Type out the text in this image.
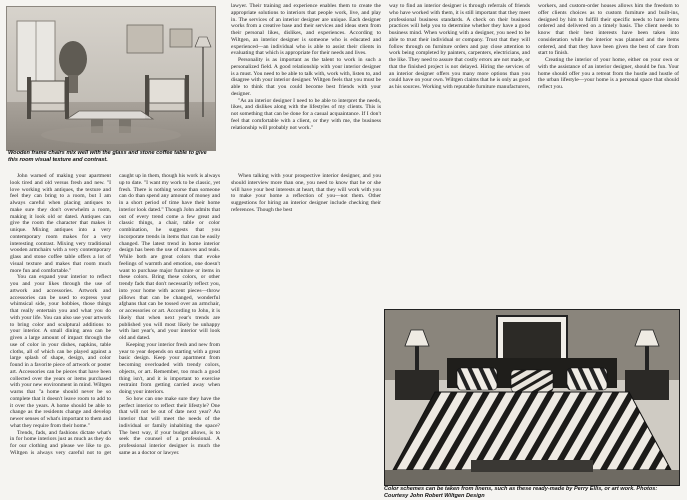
Wooden frame chairs mix well with the glass and stone coffee table to give this room visual texture and contrast.

John warned of making your apartment look tired and old versus fresh and new. "I love working with antiques, the texture and feel they can bring to a room, but I am always careful when placing antiques to make sure they don't overwhelm a room, making it look old or dated. Antiques can give the room the character that makes it unique. Mixing antiques into a very contemporary room makes for a very interesting contrast. Mixing very traditional wooden armchairs with a very contemporary glass and stone coffee table offers a lot of visual texture and makes that room much more fun and comfortable."

You can expand your interior to reflect you and your likes through the use of artwork and accessories. Artwork and accessories can be used to express your whimsical side, your hobbies, those things that really entertain you and what you do with your life. You can also use your artwork to bring color and sculptural additions to your interior. A small dining area can be given a large amount of impact through the use of color in your dishes, napkins, table cloths, all of which can be played against a large splash of shape, design, and color found in a favorite piece of artwork or poster art. Accessories can be pieces that have been collected over the years or items purchased with your new environment in mind. Wiltgen warns that "a home should never be so complete that it doesn't leave room to add to it over the years. A home should be able to change as the residents change and develop newer senses of what's important to them and what they require from their home."

Trends, fads, and fashions dictate what's in for home interiors just as much as they do for our clothing and please we like to go. Wiltgen is always very careful not to get caught up in them, though his work is always up to date. "I want my work to be classic, yet fresh. There is nothing worse than someone can do than spend any amount of money and in a short period of time have their home interior look dated." Though John admits that out of every trend come a few great and classic things, a chair, table or color combination, he suggests that you incorporate trends in items that can be easily changed. The latest trend in home interior design has been the use of mauves and teals. While both are great colors that evoke feelings of warmth and emotion, one doesn't want to purchase major furniture or items in these colors. Bring these colors, or other trendy fads that don't necessarily reflect you, into your home with accent pieces—throw pillows that can be changed, wonderful afghans that can be tossed over an armchair, or accessories or art. According to John, it is likely that when next year's trends are published you will most likely be unhappy with last year's, and your interior will look old and dated.

Keeping your interior fresh and new from year to year depends on starting with a great basic design. Keep your apartment from becoming overloaded with trendy colors, objects, or art. Remember, too much a good thing isn't, and it is important to exercise restraint from getting carried away when doing your interiors.

So how can one make sure they have the perfect interior to reflect their lifestyle? One that will not be out of date next year? An interior that will meet the needs of the individual or family inhabiting the space? The best way, if your budget allows, is to seek the counsel of a professional. A professional interior designer is much the same as a doctor or lawyer.

lawyer. Their training and experience enables them to create the appropriate solutions to interiors that people work, live, and play in. The services of an interior designer are unique. Each designer works from a creative base and their services and ideas stem from their personal likes, dislikes, and experiences. According to Wiltgen, an interior designer is someone who is educated and experienced—an individual who is able to assist their clients in evaluating that which is appropriate for their needs and lives.

Personality is as important as the talent to work in such a personalized field. A good relationship with your interior designer is a must. You need to be able to talk with, work with, listen to, and disagree with your interior designer. Wiltgen feels that you must be able to think that you could become best friends with your designer.

"As an interior designer I need to be able to interpret the needs, likes, and dislikes along with the lifestyles of my clients. This is not something that can be done for a casual acquaintance. If I don't feel that comfortable with a client, or they with me, the business relationship will probably not work."

When talking with your prospective interior designer, and you should interview more than one, you need to know that he or she will have your best interests at heart, that they will work with you to make your home a reflection of you—not them. Other suggestions for hiring an interior designer include checking their references. Though the best

way to find an interior designer is through referrals of friends who have worked with them, it is still important that they meet professional business standards. A check on their business practices will help you to determine whether they have a good business mind. When working with a designer, you need to be able to trust their individual or company. Trust that they will follow through on furniture orders and pay close attention to work being completed by painters, carpenters, electricians, and the like. They need to assure that costly errors are not made, or that the finished project is not delayed. Hiring the services of an interior designer offers you many more options than you could have on your own. Wiltgen claims that he is only as good as his sources. Working with reputable furniture manufacturers, workers, and custom-order houses allows him the freedom to offer clients choices as to custom furniture and built-ins, designed by him to fulfill their specific needs to have items ordered and delivered on a timely basis. The client needs to know that their best interests have been taken into consideration while the interior was planned and the items ordered, and that they have been given the best of care from start to finish.

Creating the interior of your home, either on your own or with the assistance of an interior designer, should be fun. Your home should offer you a retreat from the hustle and hustle of the urban lifestyle—your home is a personal space that should reflect you.

Color schemes can be taken from linens, such as these ready-made by Perry Ellis, or art work. Photos: Courtesy John Robert Wiltgen Design
